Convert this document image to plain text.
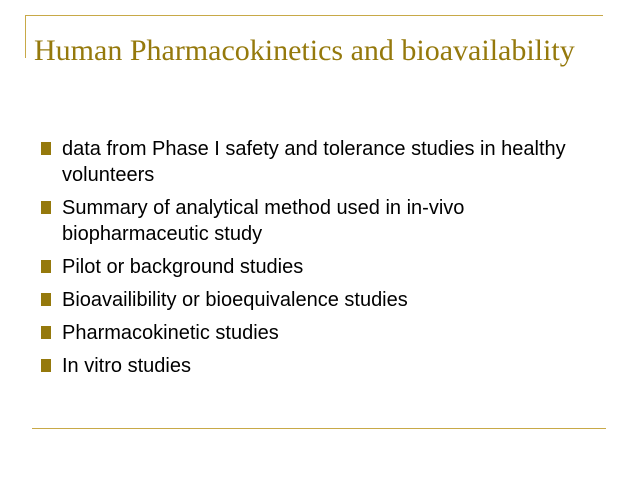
Human Pharmacokinetics and bioavailability
data from Phase I safety and tolerance studies in healthy volunteers
Summary of analytical method used in in-vivo biopharmaceutic study
Pilot or background studies
Bioavailibility or bioequivalence studies
Pharmacokinetic studies
In vitro studies
